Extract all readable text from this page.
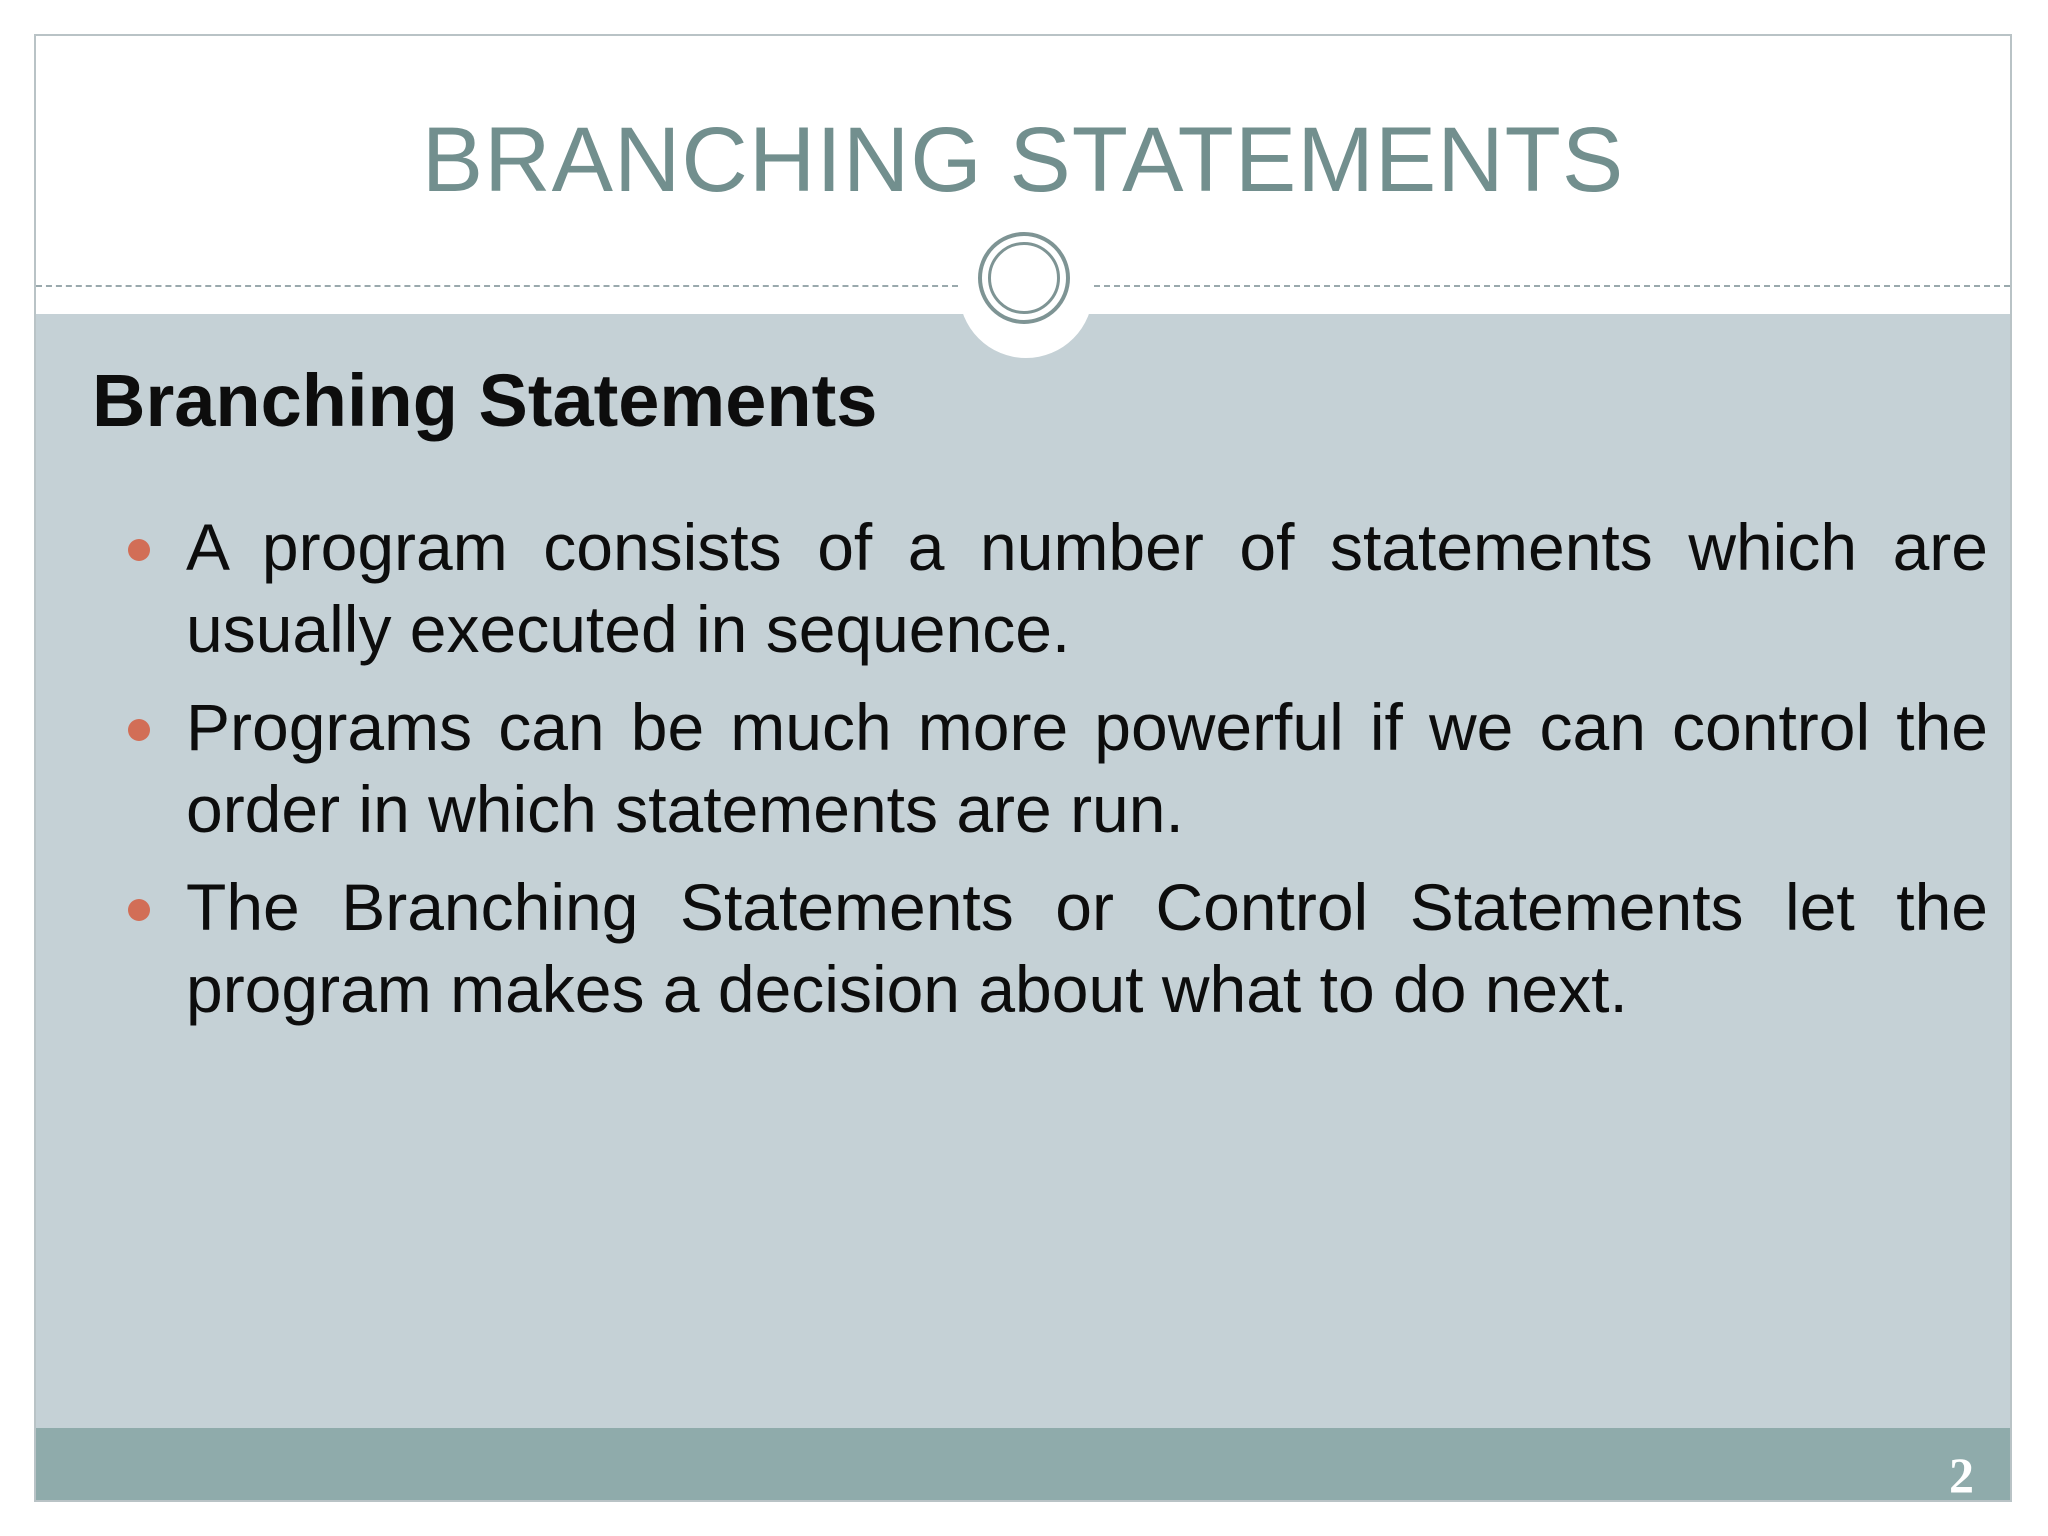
BRANCHING STATEMENTS
Branching Statements
A program consists of a number of statements which are usually executed in sequence.
Programs can be much more powerful if we can control the order in which statements are run.
The Branching Statements or Control Statements let the program makes a decision about what to do next.
2
